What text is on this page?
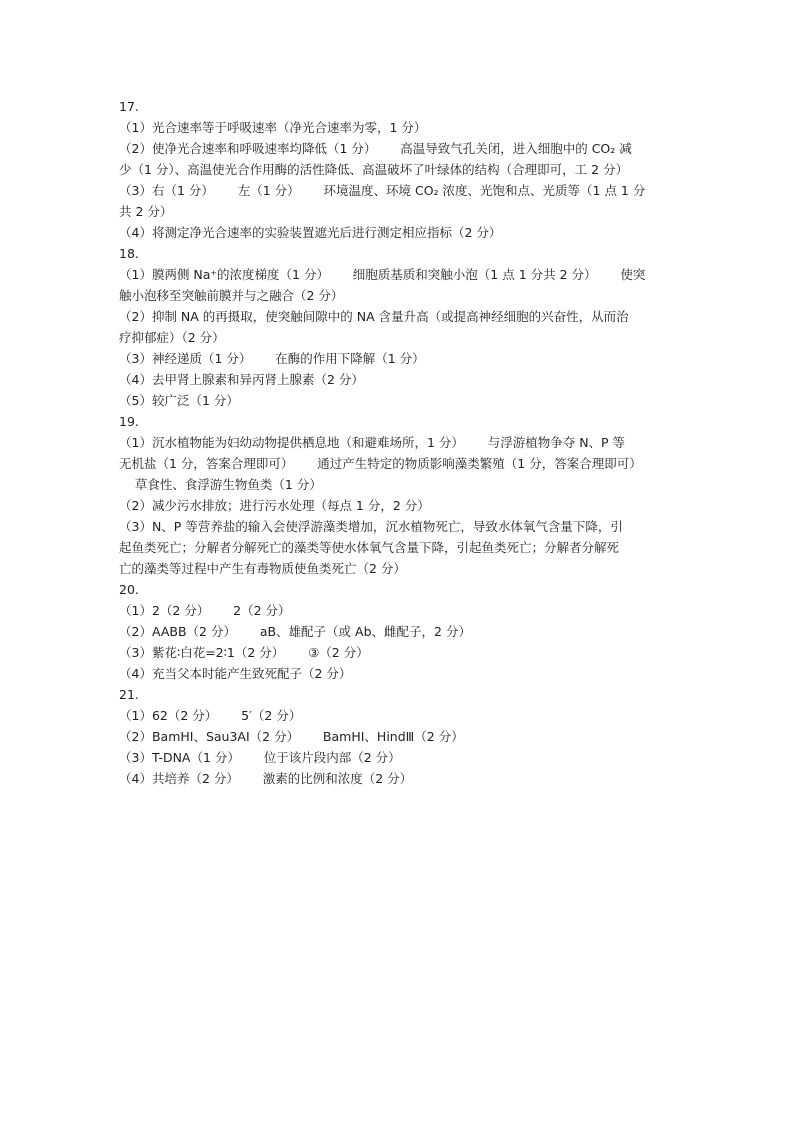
17.

（1）光合速率等于呼吸速率（净光合速率为零，1 分）

（2）使净光合速率和呼吸速率均降低（1 分）      高温导致气孔关闭，进入细胞中的 CO₂ 减

少（1 分）、高温使光合作用酶的活性降低、高温破坏了叶绿体的结构（合理即可，工 2 分）

（3）右（1 分）      左（1 分）      环境温度、环境 CO₂ 浓度、光饱和点、光质等（1 点 1 分

共 2 分）

（4）将测定净光合速率的实验装置遮光后进行测定相应指标（2 分）

18.

（1）膜两侧 Na⁺的浓度梯度（1 分）      细胞质基质和突触小泡（1 点 1 分共 2 分）      使突

触小泡移至突触前膜并与之融合（2 分）

（2）抑制 NA 的再摄取，使突触间隙中的 NA 含量升高（或提高神经细胞的兴奋性，从而治

疗抑郁症）（2 分）

（3）神经递质（1 分）      在酶的作用下降解（1 分）

（4）去甲肾上腺素和异丙肾上腺素（2 分）

（5）较广泛（1 分）

19.

（1）沉水植物能为妇幼动物提供栖息地（和避难场所，1 分）      与浮游植物争夺 N、P 等

无机盐（1 分，答案合理即可）      通过产生特定的物质影响藻类繁殖（1 分，答案合理即可）

草食性、食浮游生物鱼类（1 分）

（2）减少污水排放；进行污水处理（每点 1 分，2 分）

（3）N、P 等营养盐的输入会使浮游藻类增加，沉水植物死亡，导致水体氧气含量下降，引

起鱼类死亡；分解者分解死亡的藻类等使水体氧气含量下降，引起鱼类死亡；分解者分解死

亡的藻类等过程中产生有毒物质使鱼类死亡（2 分）

20.

（1）2（2 分）      2（2 分）

（2）AABB（2 分）      aB、雄配子（或 Ab、雌配子，2 分）

（3）紫花∶白花=2∶1（2 分）      ③（2 分）

（4）充当父本时能产生致死配子（2 分）

21.

（1）62（2 分）      5′（2 分）

（2）BamHⅠ、Sau3AⅠ（2 分）      BamHⅠ、HindⅢ（2 分）

（3）T-DNA（1 分）      位于该片段内部（2 分）

（4）共培养（2 分）      激素的比例和浓度（2 分）
